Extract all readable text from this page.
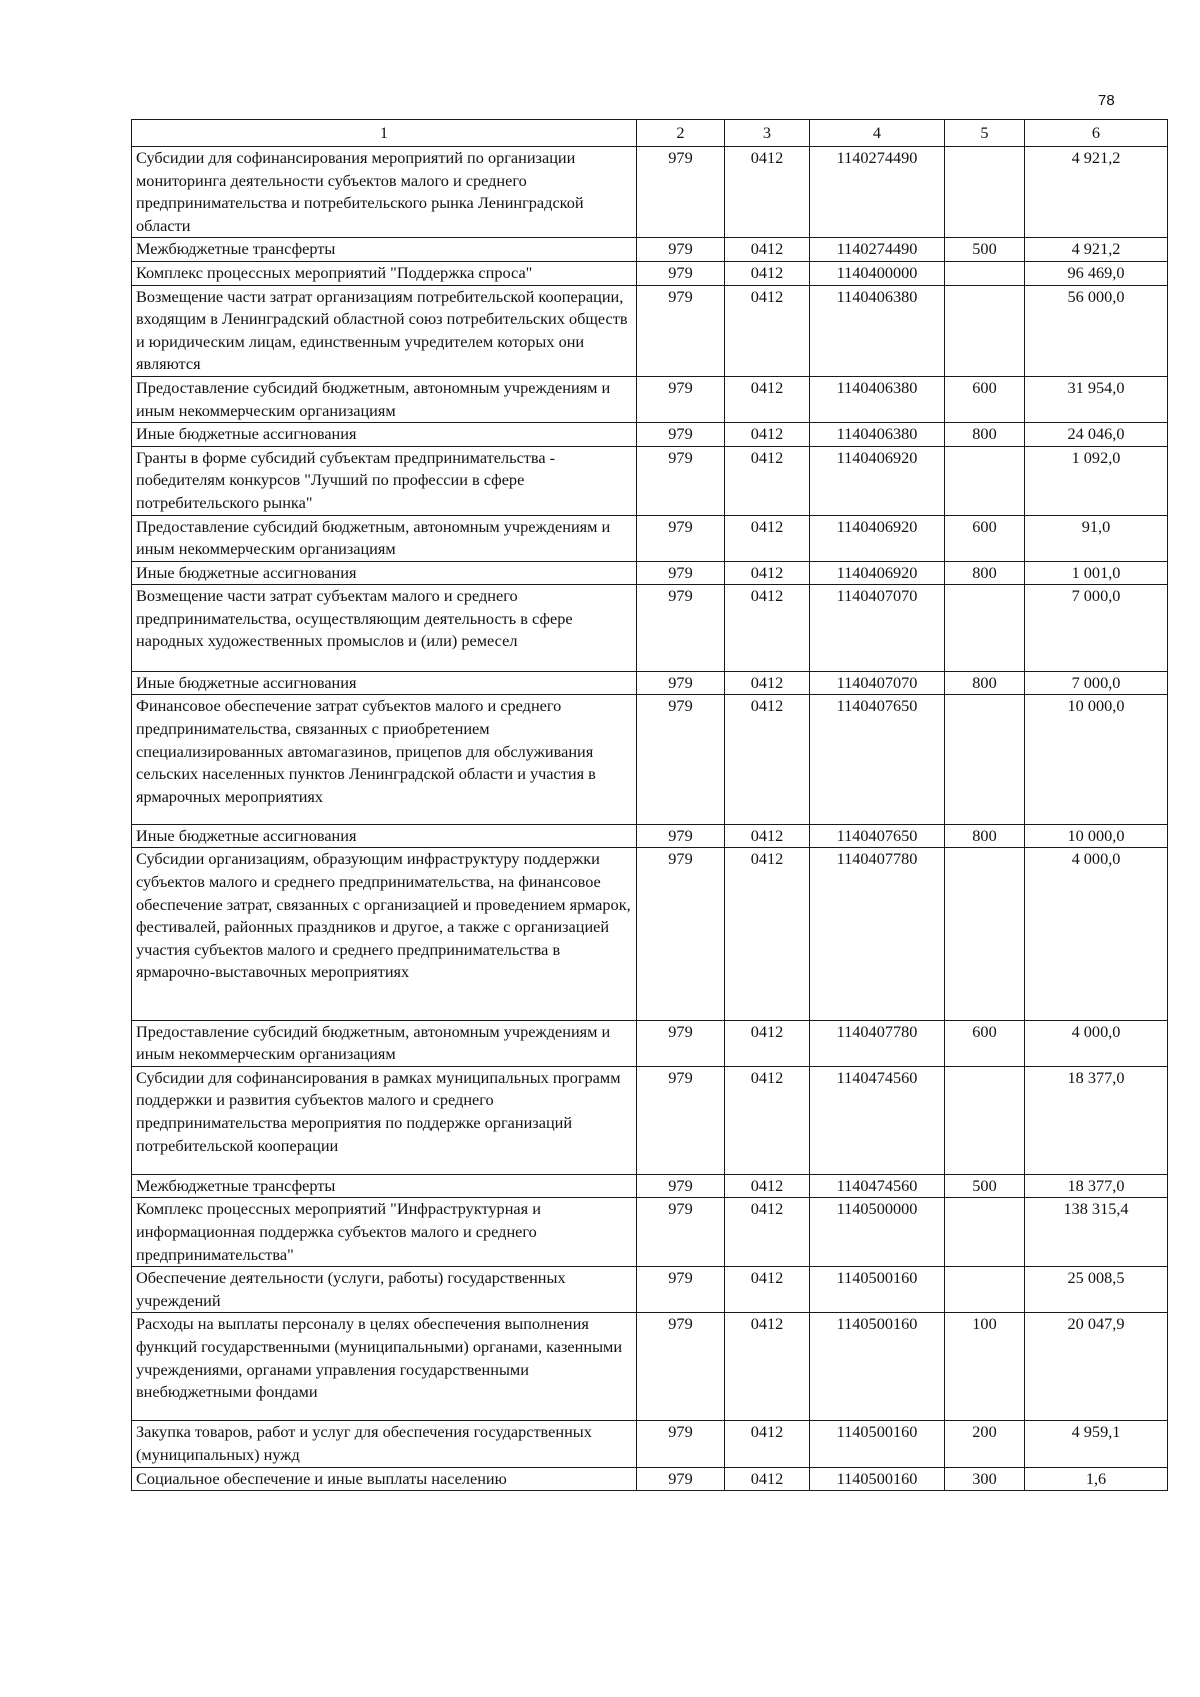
78
1	2	3	4	5	6
Субсидии для софинансирования мероприятий по организации мониторинга деятельности субъектов малого и среднего предпринимательства и потребительского рынка Ленинградской области	979	0412	1140274490		4 921,2
Межбюджетные трансферты	979	0412	1140274490	500	4 921,2
Комплекс процессных мероприятий "Поддержка спроса"	979	0412	1140400000		96 469,0
Возмещение части затрат организациям потребительской кооперации, входящим в Ленинградский областной союз потребительских обществ и юридическим лицам, единственным учредителем которых они являются	979	0412	1140406380		56 000,0
Предоставление субсидий бюджетным, автономным учреждениям и иным некоммерческим организациям	979	0412	1140406380	600	31 954,0
Иные бюджетные ассигнования	979	0412	1140406380	800	24 046,0
Гранты в форме субсидий субъектам предпринимательства - победителям конкурсов "Лучший по профессии в сфере потребительского рынка"	979	0412	1140406920		1 092,0
Предоставление субсидий бюджетным, автономным учреждениям и иным некоммерческим организациям	979	0412	1140406920	600	91,0
Иные бюджетные ассигнования	979	0412	1140406920	800	1 001,0
Возмещение части затрат субъектам малого и среднего предпринимательства, осуществляющим деятельность в сфере народных художественных промыслов и (или) ремесел	979	0412	1140407070		7 000,0
Иные бюджетные ассигнования	979	0412	1140407070	800	7 000,0
Финансовое обеспечение затрат субъектов малого и среднего предпринимательства, связанных с приобретением специализированных автомагазинов, прицепов для обслуживания сельских населенных пунктов Ленинградской области и участия в ярмарочных мероприятиях	979	0412	1140407650		10 000,0
Иные бюджетные ассигнования	979	0412	1140407650	800	10 000,0
Субсидии организациям, образующим инфраструктуру поддержки субъектов малого и среднего предпринимательства, на финансовое обеспечение затрат, связанных с организацией и проведением ярмарок, фестивалей, районных праздников и другое, а также с организацией участия субъектов малого и среднего предпринимательства в ярмарочно-выставочных мероприятиях	979	0412	1140407780		4 000,0
Предоставление субсидий бюджетным, автономным учреждениям и иным некоммерческим организациям	979	0412	1140407780	600	4 000,0
Субсидии для софинансирования в рамках муниципальных программ поддержки и развития субъектов малого и среднего предпринимательства мероприятия по поддержке организаций потребительской кооперации	979	0412	1140474560		18 377,0
Межбюджетные трансферты	979	0412	1140474560	500	18 377,0
Комплекс процессных мероприятий "Инфраструктурная и информационная поддержка субъектов малого и среднего предпринимательства"	979	0412	1140500000		138 315,4
Обеспечение деятельности (услуги, работы) государственных учреждений	979	0412	1140500160		25 008,5
Расходы на выплаты персоналу в целях обеспечения выполнения функций государственными (муниципальными) органами, казенными учреждениями, органами управления государственными внебюджетными фондами	979	0412	1140500160	100	20 047,9
Закупка товаров, работ и услуг для обеспечения государственных (муниципальных) нужд	979	0412	1140500160	200	4 959,1
Социальное обеспечение и иные выплаты населению	979	0412	1140500160	300	1,6
